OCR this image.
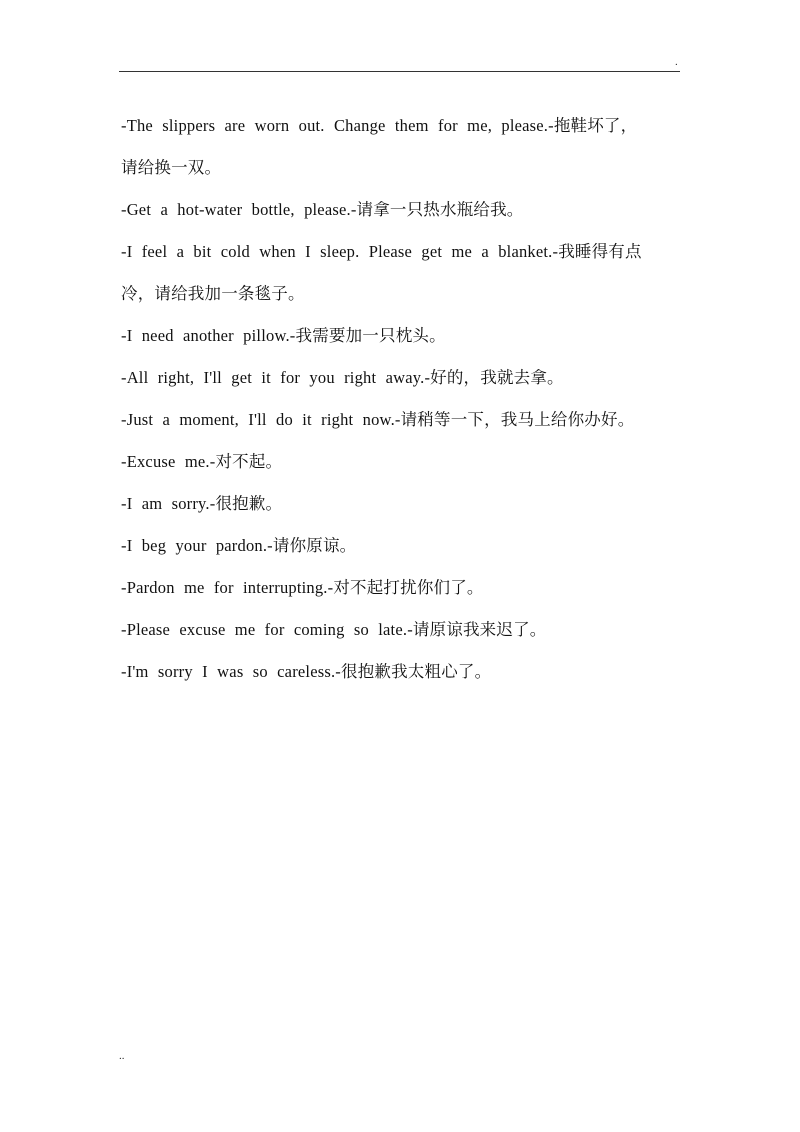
.
-The slippers are worn out. Change them for me, please.-拖鞋坏了，
请给换一双。
-Get a hot-water bottle, please.-请拿一只热水瓶给我。
-I feel a bit cold when I sleep. Please get me a blanket.-我睡得有点
冷，请给我加一条毯子。
-I need another pillow.-我需要加一只枕头。
-All right, I'll get it for you right away.-好的，我就去拿。
-Just a moment, I'll do it right now.-请稍等一下，我马上给你办好。
-Excuse me.-对不起。
-I am sorry.-很抱歉。
-I beg your pardon.-请你原谅。
-Pardon me for interrupting.-对不起打扰你们了。
-Please excuse me for coming so late.-请原谅我来迟了。
-I'm sorry I was so careless.-很抱歉我太粗心了。
..
